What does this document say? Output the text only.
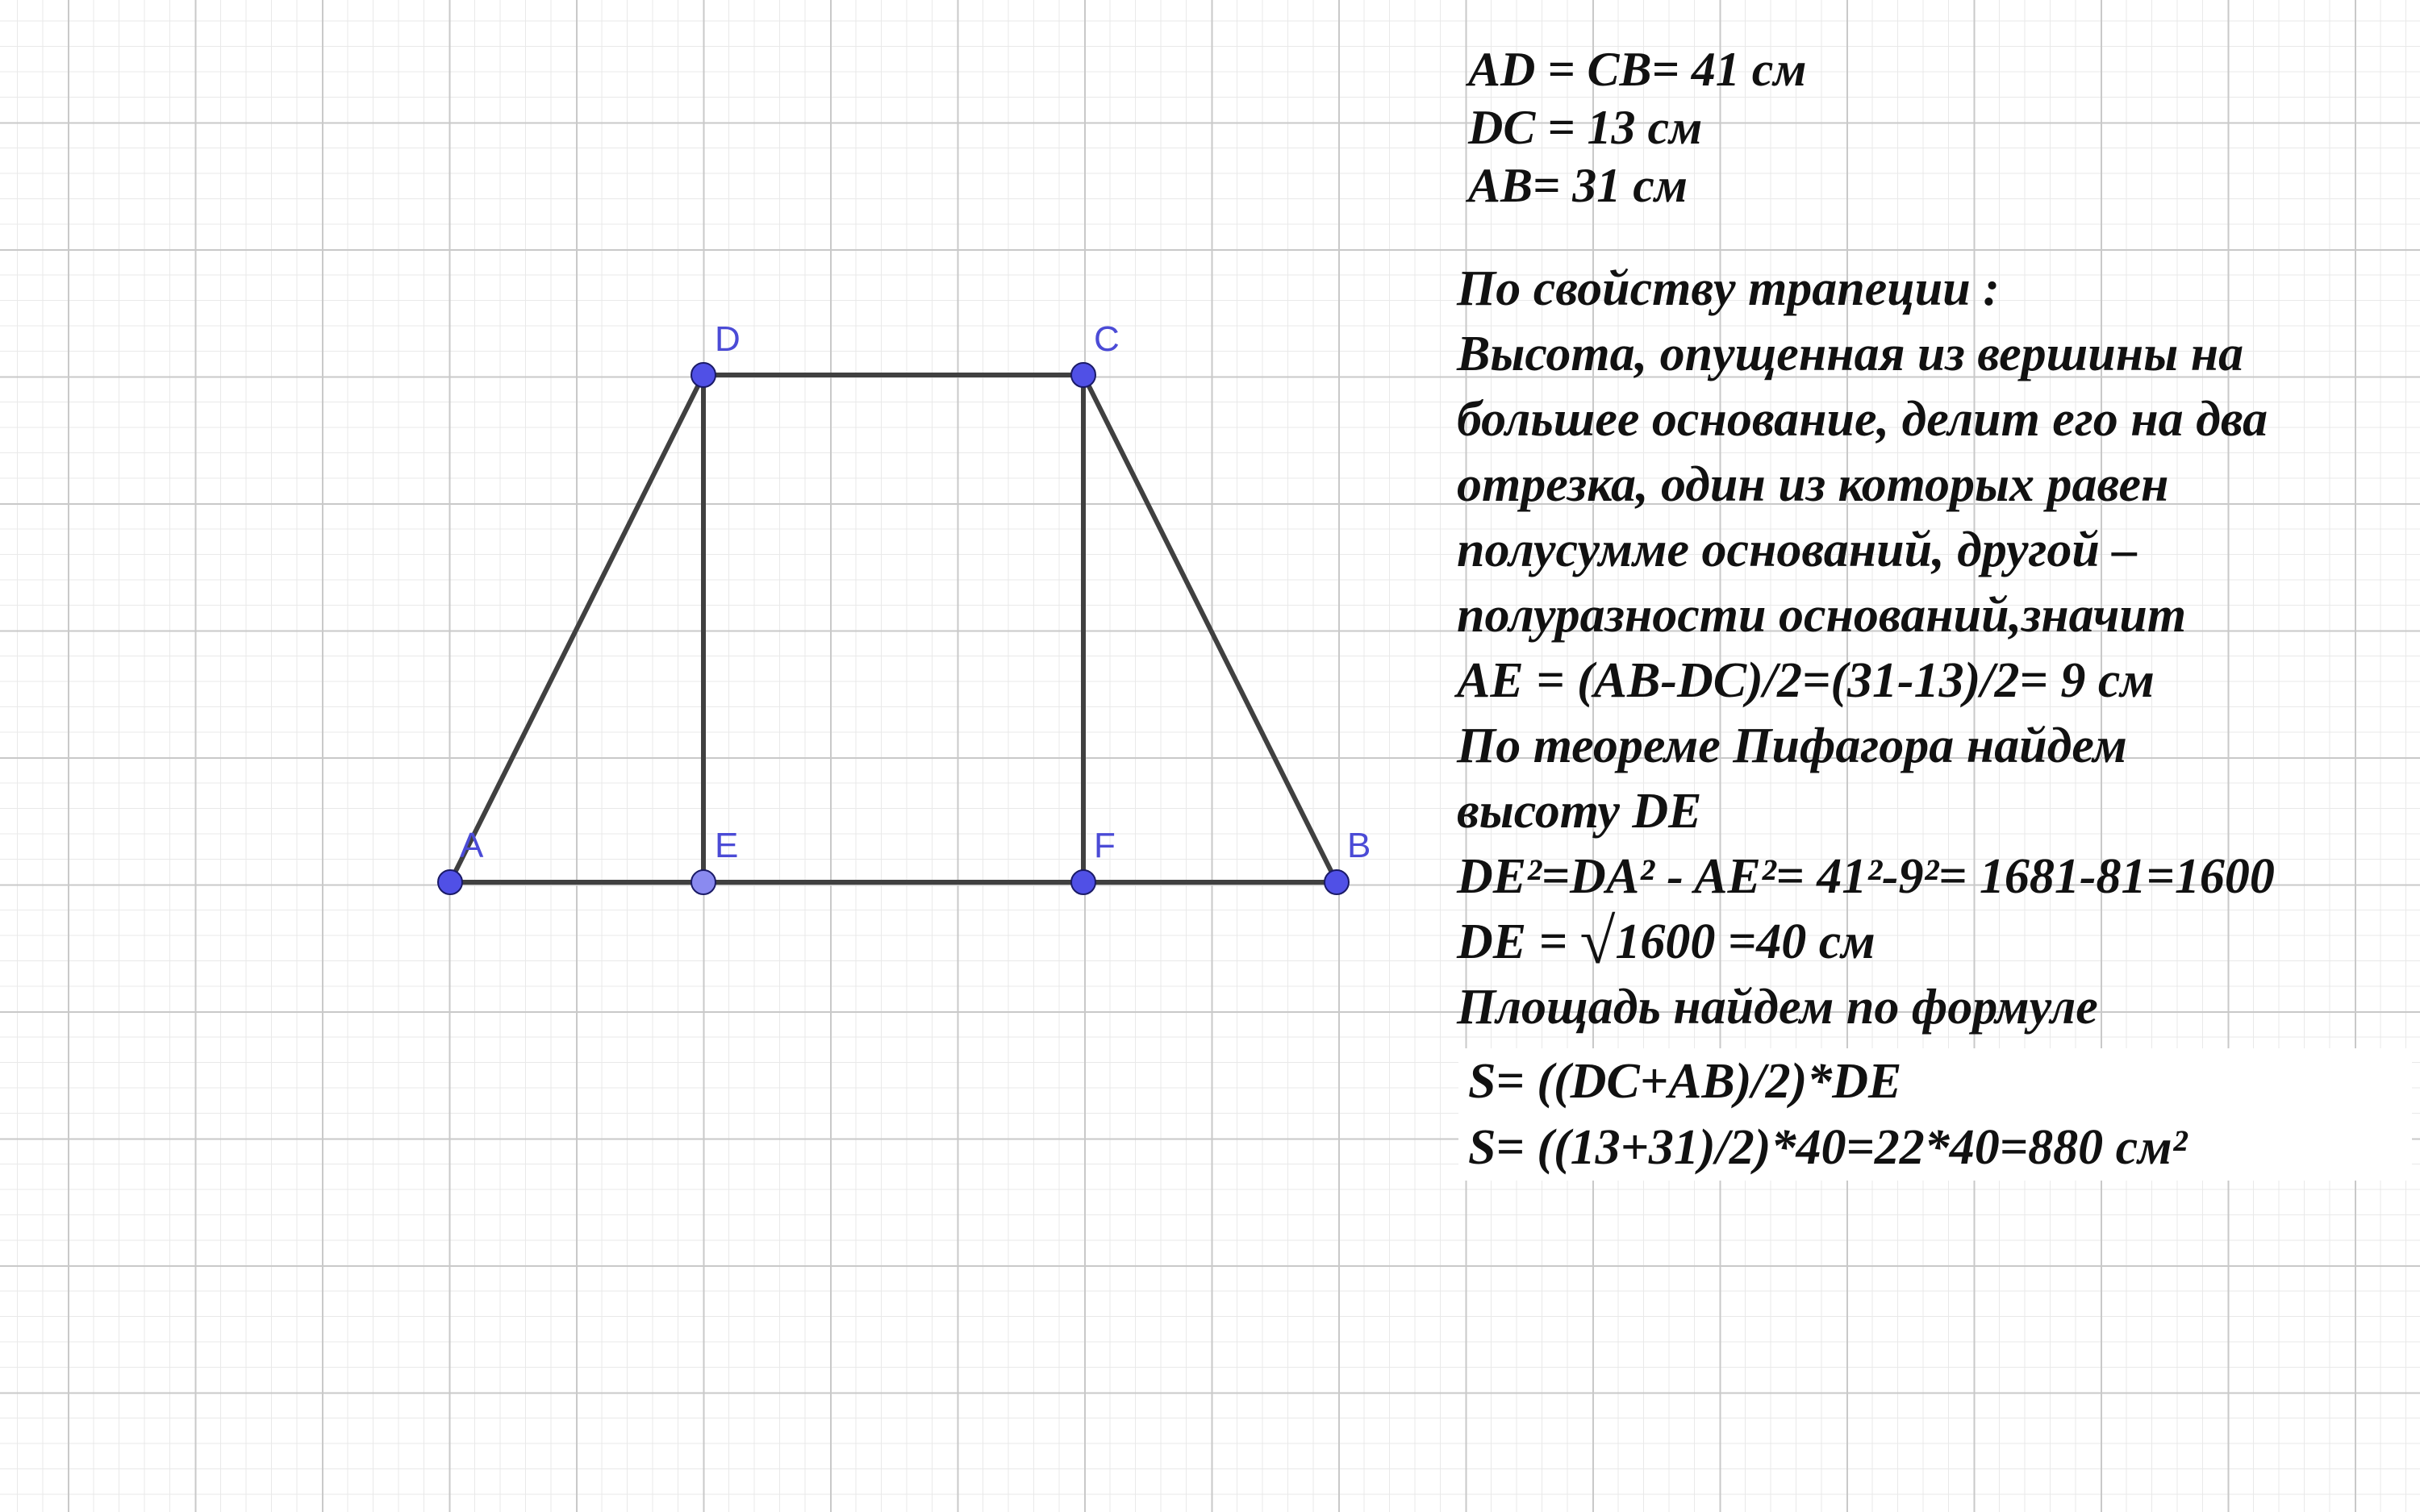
D	C
A	E	F	B
AD = CB= 41 см
DC = 13 см
AB= 31 см
По свойству трапеции :
Высота, опущенная из вершины на
большее основание, делит его на два
отрезка, один из которых равен
полусумме оснований, другой –
полуразности оснований,значит
AE = (AB-DC)/2=(31-13)/2= 9 см
По теореме Пифагора найдем
высоту DE
DE²=DA² - AE²= 41²-9²= 1681-81=1600
DE = √1600 =40 см
Площадь найдем по формуле
S= ((DC+AB)/2)*DE
S= ((13+31)/2)*40=22*40=880 см²
